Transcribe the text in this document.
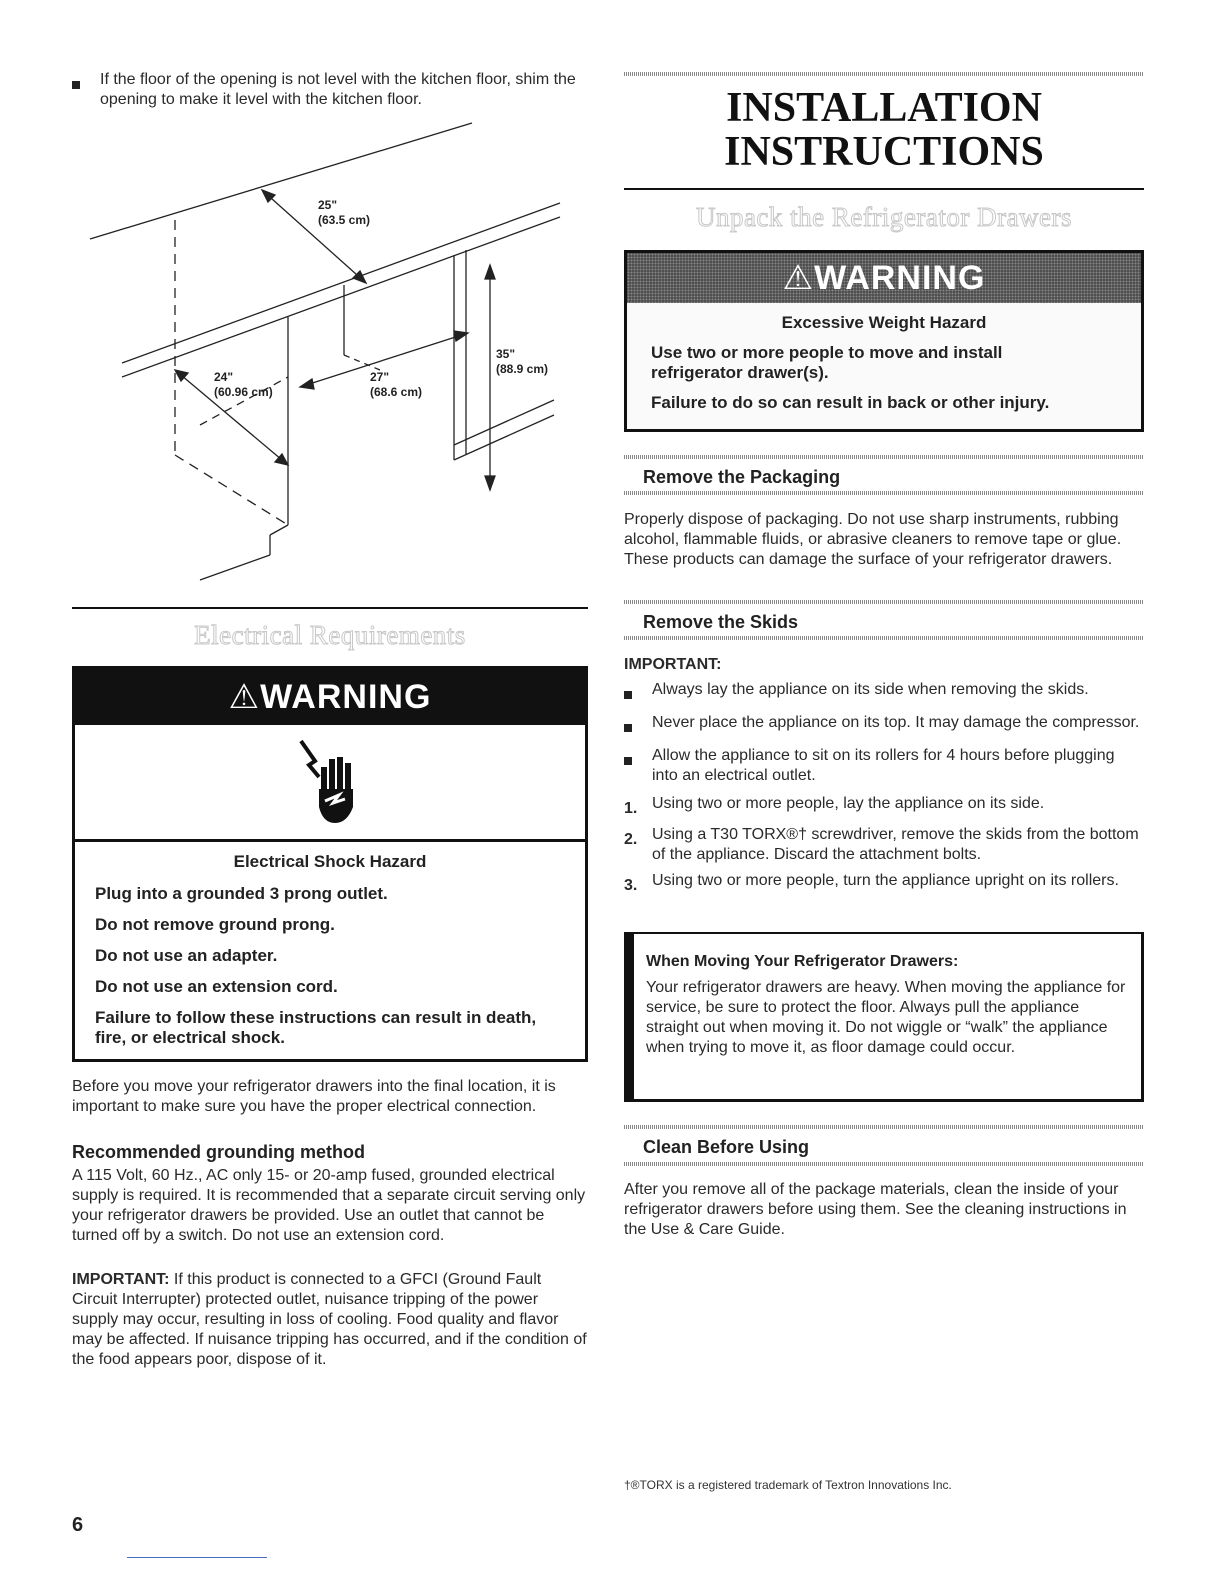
If the floor of the opening is not level with the kitchen floor, shim the opening to make it level with the kitchen floor.
25"
(63.5 cm)
24"
(60.96 cm)
27"
(68.6 cm)
35"
(88.9 cm)
Electrical Requirements
⚠WARNING
Electrical Shock Hazard
Plug into a grounded 3 prong outlet.
Do not remove ground prong.
Do not use an adapter.
Do not use an extension cord.
Failure to follow these instructions can result in death, fire, or electrical shock.
Before you move your refrigerator drawers into the final location, it is important to make sure you have the proper electrical connection.
Recommended grounding method
A 115 Volt, 60 Hz., AC only 15- or 20-amp fused, grounded electrical supply is required. It is recommended that a separate circuit serving only your refrigerator drawers be provided. Use an outlet that cannot be turned off by a switch. Do not use an extension cord.
IMPORTANT: If this product is connected to a GFCI (Ground Fault Circuit Interrupter) protected outlet, nuisance tripping of the power supply may occur, resulting in loss of cooling. Food quality and flavor may be affected. If nuisance tripping has occurred, and if the condition of the food appears poor, dispose of it.
INSTALLATION
INSTRUCTIONS
Unpack the Refrigerator Drawers
⚠WARNING
Excessive Weight Hazard
Use two or more people to move and install refrigerator drawer(s).
Failure to do so can result in back or other injury.
Remove the Packaging
Properly dispose of packaging. Do not use sharp instruments, rubbing alcohol, flammable fluids, or abrasive cleaners to remove tape or glue. These products can damage the surface of your refrigerator drawers.
Remove the Skids
IMPORTANT:
Always lay the appliance on its side when removing the skids.
Never place the appliance on its top. It may damage the compressor.
Allow the appliance to sit on its rollers for 4 hours before plugging into an electrical outlet.
1. Using two or more people, lay the appliance on its side.
2. Using a T30 TORX®† screwdriver, remove the skids from the bottom of the appliance. Discard the attachment bolts.
3. Using two or more people, turn the appliance upright on its rollers.
When Moving Your Refrigerator Drawers:
Your refrigerator drawers are heavy. When moving the appliance for service, be sure to protect the floor. Always pull the appliance straight out when moving it. Do not wiggle or “walk” the appliance when trying to move it, as floor damage could occur.
Clean Before Using
After you remove all of the package materials, clean the inside of your refrigerator drawers before using them. See the cleaning instructions in the Use & Care Guide.
†®TORX is a registered trademark of Textron Innovations Inc.
6
